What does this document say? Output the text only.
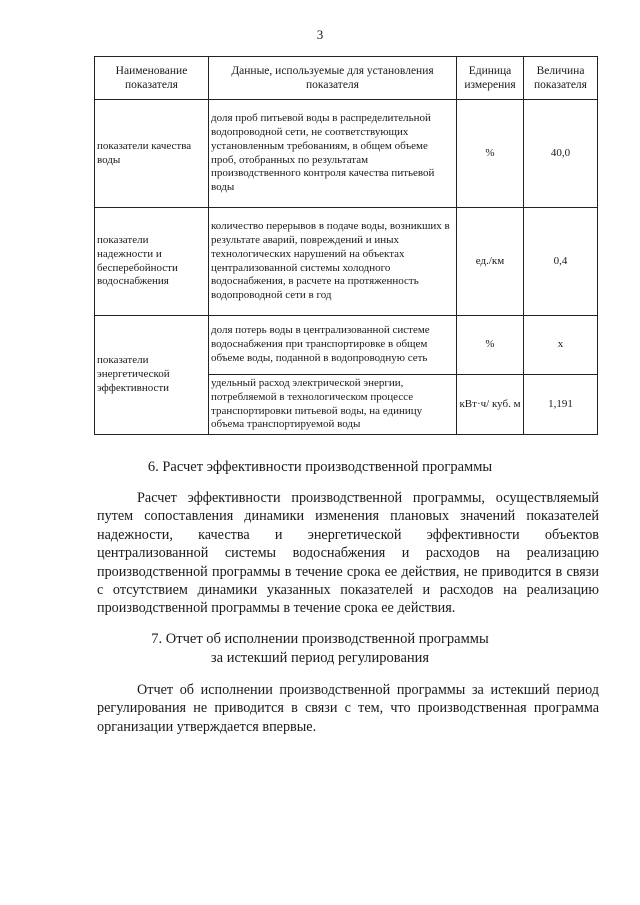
3
Наименование показателя	Данные, используемые для установления показателя	Единица измерения	Величина показателя
показатели качества воды	доля проб питьевой воды в распределительной водопроводной сети, не соответствующих установленным требованиям, в общем объеме проб, отобранных по результатам производственного контроля качества питьевой воды	%	40,0
показатели надежности и бесперебойности водоснабжения	количество перерывов в подаче воды, возникших в результате аварий, повреждений и иных технологических нарушений на объектах централизованной системы холодного водоснабжения, в расчете на протяженность водопроводной сети в год	ед./км	0,4
показатели энергетической эффективности	доля потерь воды в централизованной системе водоснабжения при транспортировке в общем объеме воды, поданной в водопроводную сеть	%	х
	удельный расход электрической энергии, потребляемой в технологическом процессе транспортировки питьевой воды, на единицу объема транспортируемой воды	кВт·ч/ куб. м	1,191
6. Расчет эффективности производственной программы

Расчет эффективности производственной программы, осуществляемый путем сопоставления динамики изменения плановых значений показателей надежности, качества и энергетической эффективности объектов централизованной системы водоснабжения и расходов на реализацию производственной программы в течение срока ее действия, не приводится в связи с отсутствием динамики указанных показателей и расходов на реализацию производственной программы в течение срока ее действия.

7. Отчет об исполнении производственной программы
за истекший период регулирования

Отчет об исполнении производственной программы за истекший период регулирования не приводится в связи с тем, что производственная программа организации утверждается впервые.
